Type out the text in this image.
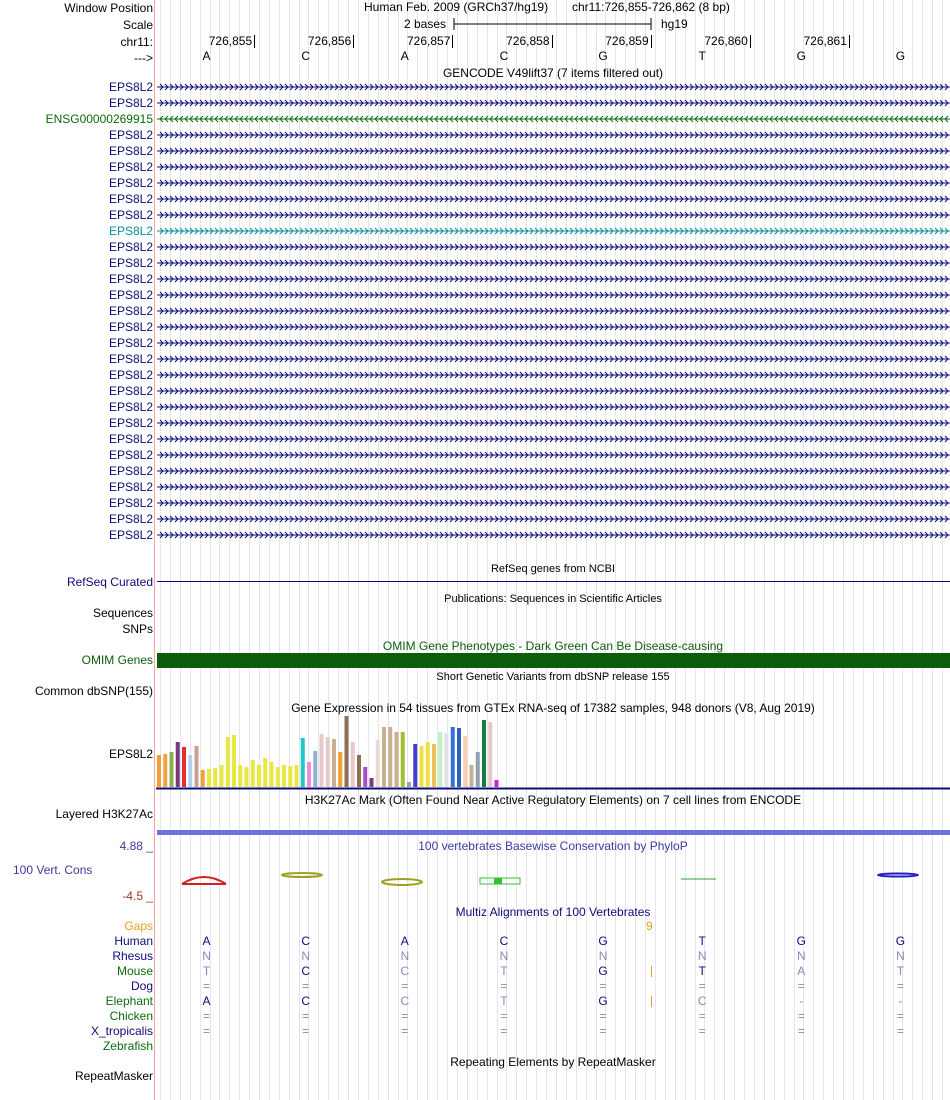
Window Position	Human Feb. 2009 (GRCh37/hg19) chr11:726,855-726,862 (8 bp)
Scale	2 bases	hg19
chr11:	726,855	726,856	726,857	726,858	726,859	726,860	726,861
--->	A	C	A	C	G	T	G	G
GENCODE V49lift37 (7 items filtered out)
EPS8L2
EPS8L2
ENSG00000269915
EPS8L2
EPS8L2
EPS8L2
EPS8L2
EPS8L2
EPS8L2
EPS8L2
EPS8L2
EPS8L2
EPS8L2
EPS8L2
EPS8L2
EPS8L2
EPS8L2
EPS8L2
EPS8L2
EPS8L2
EPS8L2
EPS8L2
EPS8L2
EPS8L2
EPS8L2
EPS8L2
EPS8L2
EPS8L2
EPS8L2
RefSeq genes from NCBI
RefSeq Curated
Publications: Sequences in Scientific Articles
Sequences
SNPs
OMIM Gene Phenotypes - Dark Green Can Be Disease-causing
OMIM Genes
Short Genetic Variants from dbSNP release 155
Common dbSNP(155)
Gene Expression in 54 tissues from GTEx RNA-seq of 17382 samples, 948 donors (V8, Aug 2019)
EPS8L2
H3K27Ac Mark (Often Found Near Active Regulatory Elements) on 7 cell lines from ENCODE
Layered H3K27Ac
100 vertebrates Basewise Conservation by PhyloP
4.88 _
100 Vert. Cons
-4.5 _
Multiz Alignments of 100 Vertebrates
Gaps	9
Human	A	C	A	C	G	T	G	G
Rhesus	N	N	N	N	N	N	N	N
Mouse	T	C	C	T	G	T	A	T
Dog	=	=	=	=	=	=	=	=
Elephant	A	C	C	T	G	C	-	-
Chicken	=	=	=	=	=	=	=	=
X_tropicalis	=	=	=	=	=	=	=	=
Zebrafish
Repeating Elements by RepeatMasker
RepeatMasker
